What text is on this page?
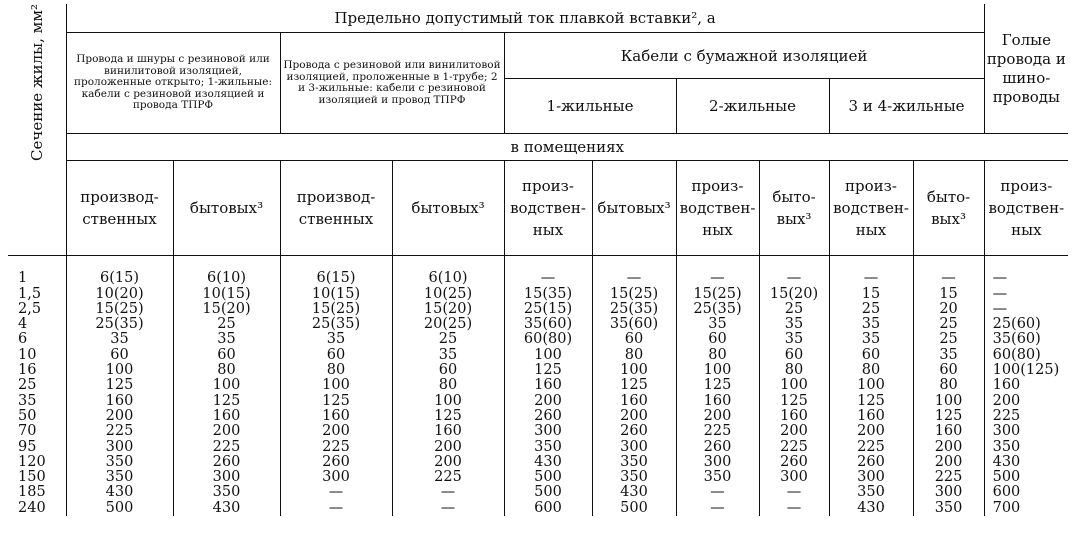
Сечение жилы, мм²	Предельно допустимый ток плавкой вставки², а										Голые провода и шино-проводы
	Провода и шнуры с резиновой или винилитовой изоляцией, проложенные открыто; 1-жильные: кабели с резиновой изоляцией и провода ТПРФ		Провода с резиновой или винилитовой изоляцией, проложенные в 1-трубе; 2 и 3-жильные: кабели с резиновой изоляцией и провод ТПРФ		Кабели с бумажной изоляцией						
					1-жильные		2-жильные		3 и 4-жильные		
	в помещениях										
	производ-ственных	бытовых³	производ-ственных	бытовых³	произ-водствен-ных	бытовых³	произ-водствен-ных	быто-вых³	произ-водствен-ных	быто-вых³	произ-водствен-ных

1	6(15)	6(10)	6(15)	6(10)	—	—	—	—	—	—	—
1,5	10(20)	10(15)	10(15)	10(25)	15(35)	15(25)	15(25)	15(20)	15	15	—
2,5	15(25)	15(20)	15(25)	15(20)	25(15)	25(35)	25(35)	25	25	20	—
4	25(35)	25	25(35)	20(25)	35(60)	35(60)	35	35	35	25	25(60)
6	35	35	35	25	60(80)	60	60	35	35	25	35(60)
10	60	60	60	35	100	80	80	60	60	35	60(80)
16	100	80	80	60	125	100	100	80	80	60	100(125)
25	125	100	100	80	160	125	125	100	100	80	160
35	160	125	125	100	200	160	160	125	125	100	200
50	200	160	160	125	260	200	200	160	160	125	225
70	225	200	200	160	300	260	225	200	200	160	300
95	300	225	225	200	350	300	260	225	225	200	350
120	350	260	260	200	430	350	300	260	260	200	430
150	350	300	300	225	500	350	350	300	300	225	500
185	430	350	—	—	500	430	—	—	350	300	600
240	500	430	—	—	600	500	—	—	430	350	700
